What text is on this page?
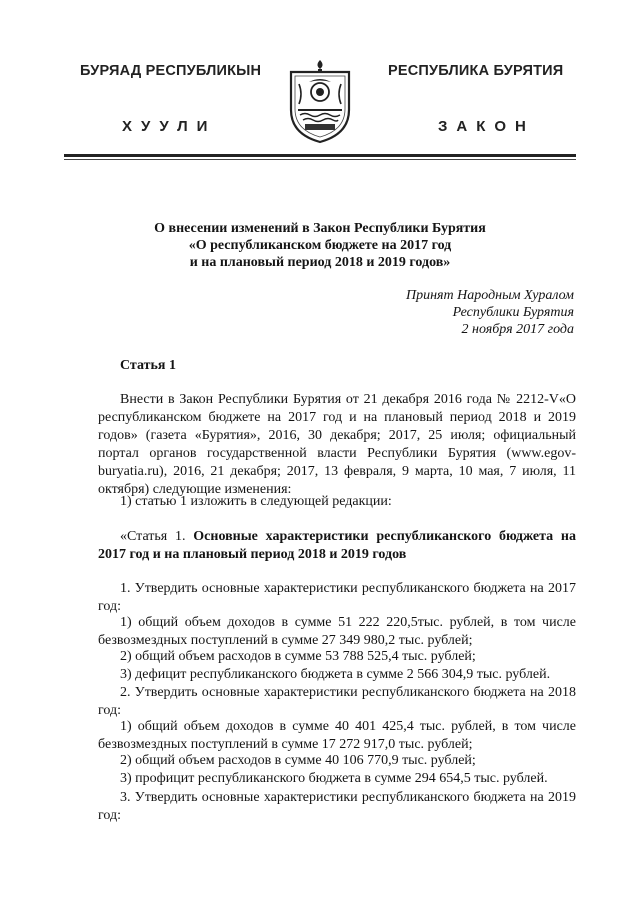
БУРЯАД РЕСПУБЛИКЫН
ХУУЛИ
РЕСПУБЛИКА БУРЯТИЯ
ЗАКОН
О внесении изменений в Закон Республики Бурятия
«О республиканском бюджете на 2017 год
и на плановый период 2018 и 2019 годов»
Принят Народным Хуралом
Республики Бурятия
2 ноября 2017 года
Статья 1

Внести в Закон Республики Бурятия от 21 декабря 2016 года № 2212-V«О республиканском бюджете на 2017 год и на плановый период 2018 и 2019 годов» (газета «Бурятия», 2016, 30 декабря; 2017, 25 июля; официальный портал органов государственной власти Республики Бурятия (www.egov-buryatia.ru), 2016, 21 декабря; 2017, 13 февраля, 9 марта, 10 мая, 7 июля, 11 октября) следующие изменения:

1) статью 1 изложить в следующей редакции:

«Статья 1. Основные характеристики республиканского бюджета на 2017 год и на плановый период 2018 и 2019 годов

1. Утвердить основные характеристики республиканского бюджета на 2017 год:

1) общий объем доходов в сумме 51 222 220,5тыс. рублей, в том числе безвозмездных поступлений в сумме 27 349 980,2 тыс. рублей;

2) общий объем расходов в сумме 53 788 525,4 тыс. рублей;

3) дефицит республиканского бюджета в сумме 2 566 304,9 тыс. рублей.

2. Утвердить основные характеристики республиканского бюджета на 2018 год:

1) общий объем доходов в сумме 40 401 425,4 тыс. рублей, в том числе безвозмездных поступлений в сумме 17 272 917,0 тыс. рублей;

2) общий объем расходов в сумме 40 106 770,9 тыс. рублей;

3) профицит республиканского бюджета в сумме 294 654,5 тыс. рублей.

3. Утвердить основные характеристики республиканского бюджета на 2019 год:
